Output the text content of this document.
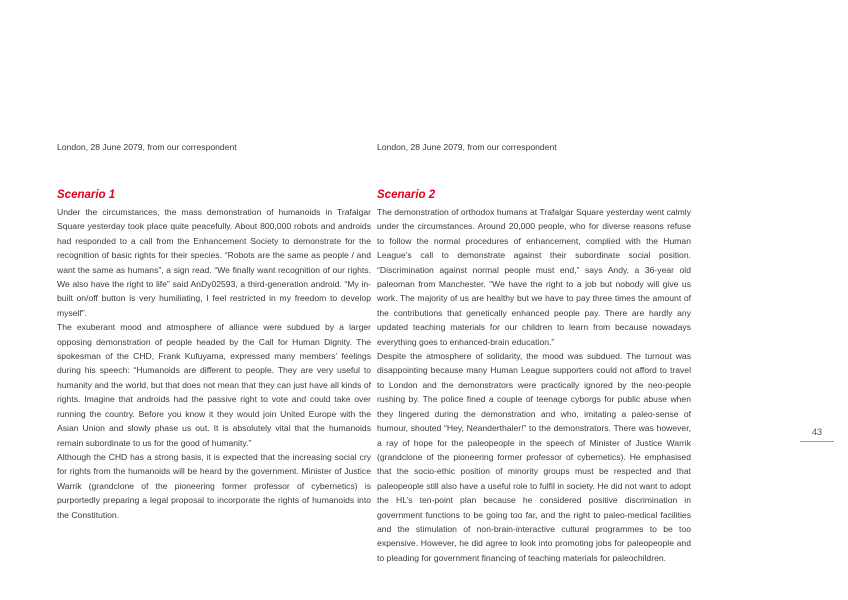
London, 28 June 2079, from our correspondent
Scenario 1

Under the circumstances, the mass demonstration of humanoids in Trafalgar Square yesterday took place quite peacefully. About 800,000 robots and androids had responded to a call from the Enhancement Society to demonstrate for the recognition of basic rights for their species. “Robots are the same as people / and want the same as humans”, a sign read. “We finally want recognition of our rights. We also have the right to life” said AnDy02593, a third-generation android. “My in-built on/off button is very humiliating, I feel restricted in my freedom to develop myself”.

The exuberant mood and atmosphere of alliance were subdued by a larger opposing demonstration of people headed by the Call for Human Dignity. The spokesman of the CHD, Frank Kufuyama, expressed many members’ feelings during his speech: “Humanoids are different to people. They are very useful to humanity and the world, but that does not mean that they can just have all kinds of rights. Imagine that androids had the passive right to vote and could take over running the country. Before you know it they would join United Europe with the Asian Union and slowly phase us out. It is absolutely vital that the humanoids remain subordinate to us for the good of humanity.”

Although the CHD has a strong basis, it is expected that the increasing social cry for rights from the humanoids will be heard by the government. Minister of Justice Warrik (grandclone of the pioneering former professor of cybernetics) is purportedly preparing a legal proposal to incorporate the rights of humanoids into the Constitution.

London, 28 June 2079, from our correspondent
Scenario 2

The demonstration of orthodox humans at Trafalgar Square yesterday went calmly under the circumstances. Around 20,000 people, who for diverse reasons refuse to follow the normal procedures of enhancement, complied with the Human League’s call to demonstrate against their subordinate social position. “Discrimination against normal people must end,” says Andy, a 36-year old paleoman from Manchester. “We have the right to a job but nobody will give us work. The majority of us are healthy but we have to pay three times the amount of the contributions that genetically enhanced people pay. There are hardly any updated teaching materials for our children to learn from because nowadays everything goes to enhanced-brain education.”

Despite the atmosphere of solidarity, the mood was subdued. The turnout was disappointing because many Human League supporters could not afford to travel to London and the demonstrators were practically ignored by the neo-people rushing by. The police fined a couple of teenage cyborgs for public abuse when they lingered during the demonstration and who, imitating a paleo-sense of humour, shouted “Hey, Neanderthaler!” to the demonstrators. There was however, a ray of hope for the paleopeople in the speech of Minister of Justice Warrik (grandclone of the pioneering former professor of cybernetics). He emphasised that the socio-ethic position of minority groups must be respected and that paleopeople still also have a useful role to fulfil in society. He did not want to adopt the HL’s ten-point plan because he considered positive discrimination in government functions to be going too far, and the right to paleo-medical facilities and the stimulation of non-brain-interactive cultural programmes to be too expensive. However, he did agree to look into promoting jobs for paleopeople and to pleading for government financing of teaching materials for paleochildren.

43
